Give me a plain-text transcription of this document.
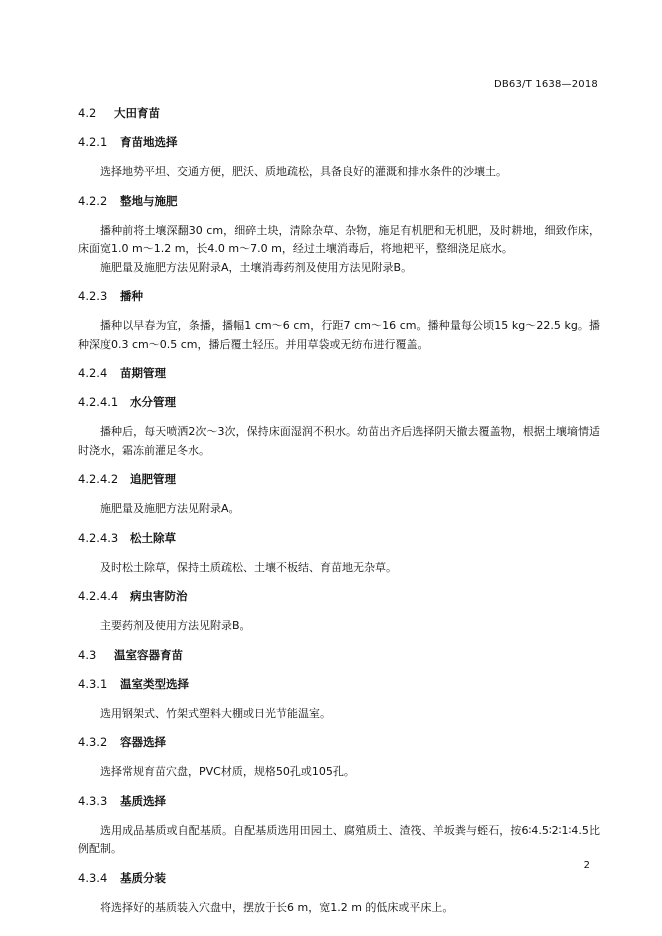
DB63/T 1638—2018
4.2 大田育苗
4.2.1 育苗地选择
选择地势平坦、交通方便，肥沃、质地疏松，具备良好的灌溉和排水条件的沙壤土。
4.2.2 整地与施肥
播种前将土壤深翻30 cm，细碎土块，清除杂草、杂物，施足有机肥和无机肥，及时耕地，细致作床，床面宽1.0 m～1.2 m，长4.0 m～7.0 m，经过土壤消毒后，将地耙平，整细浇足底水。
施肥量及施肥方法见附录A，土壤消毒药剂及使用方法见附录B。
4.2.3 播种
播种以早春为宜，条播，播幅1 cm～6 cm，行距7 cm～16 cm。播种量每公顷15 kg～22.5 kg。播种深度0.3 cm～0.5 cm，播后覆土轻压。并用草袋或无纺布进行覆盖。
4.2.4 苗期管理
4.2.4.1 水分管理
播种后，每天喷洒2次～3次，保持床面湿润不积水。幼苗出齐后选择阴天撤去覆盖物，根据土壤墒情适时浇水，霜冻前灌足冬水。
4.2.4.2 追肥管理
施肥量及施肥方法见附录A。
4.2.4.3 松土除草
及时松土除草，保持土质疏松、土壤不板结、育苗地无杂草。
4.2.4.4 病虫害防治
主要药剂及使用方法见附录B。
4.3 温室容器育苗
4.3.1 温室类型选择
选用钢架式、竹架式塑料大棚或日光节能温室。
4.3.2 容器选择
选择常规育苗穴盘，PVC材质，规格50孔或105孔。
4.3.3 基质选择
选用成品基质或自配基质。自配基质选用田园土、腐殖质土、渣筏、羊坂粪与蛭石，按6∶4.5∶2∶1∶4.5比例配制。
4.3.4 基质分装
将选择好的基质装入穴盘中，摆放于长6 m，宽1.2 m 的低床或平床上。
2
